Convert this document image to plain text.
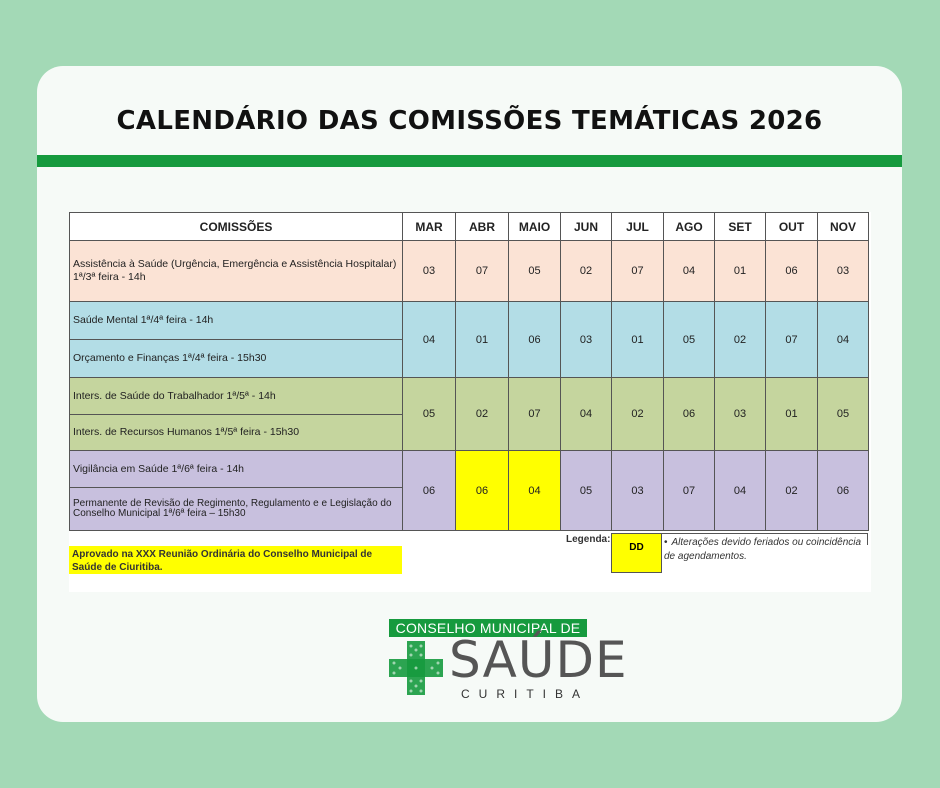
CALENDÁRIO DAS COMISSÕES TEMÁTICAS 2026
COMISSÕES	MAR	ABR	MAIO	JUN	JUL	AGO	SET	OUT	NOV
Assistência à Saúde (Urgência, Emergência e Assistência Hospitalar) 1ª/3ª feira - 14h	03	07	05	02	07	04	01	06	03
Saúde Mental 1ª/4ª feira - 14h	04	01	06	03	01	05	02	07	04
Orçamento e Finanças 1ª/4ª feira - 15h30									
Inters. de Saúde do Trabalhador 1ª/5ª - 14h	05	02	07	04	02	06	03	01	05
Inters. de Recursos Humanos 1ª/5ª feira - 15h30									
Vigilância em Saúde 1ª/6ª feira - 14h	06	06	04	05	03	07	04	02	06
Permanente de Revisão de Regimento, Regulamento e e Legislação do Conselho Municipal 1ª/6ª feira – 15h30									
Aprovado na XXX Reunião Ordinária do Conselho Municipal de Saúde de Ciuritiba.
Legenda:
DD	• Alterações devido feriados ou coincidência de agendamentos.
CONSELHO MUNICIPAL DE
SAÚDE
CURITIBA
